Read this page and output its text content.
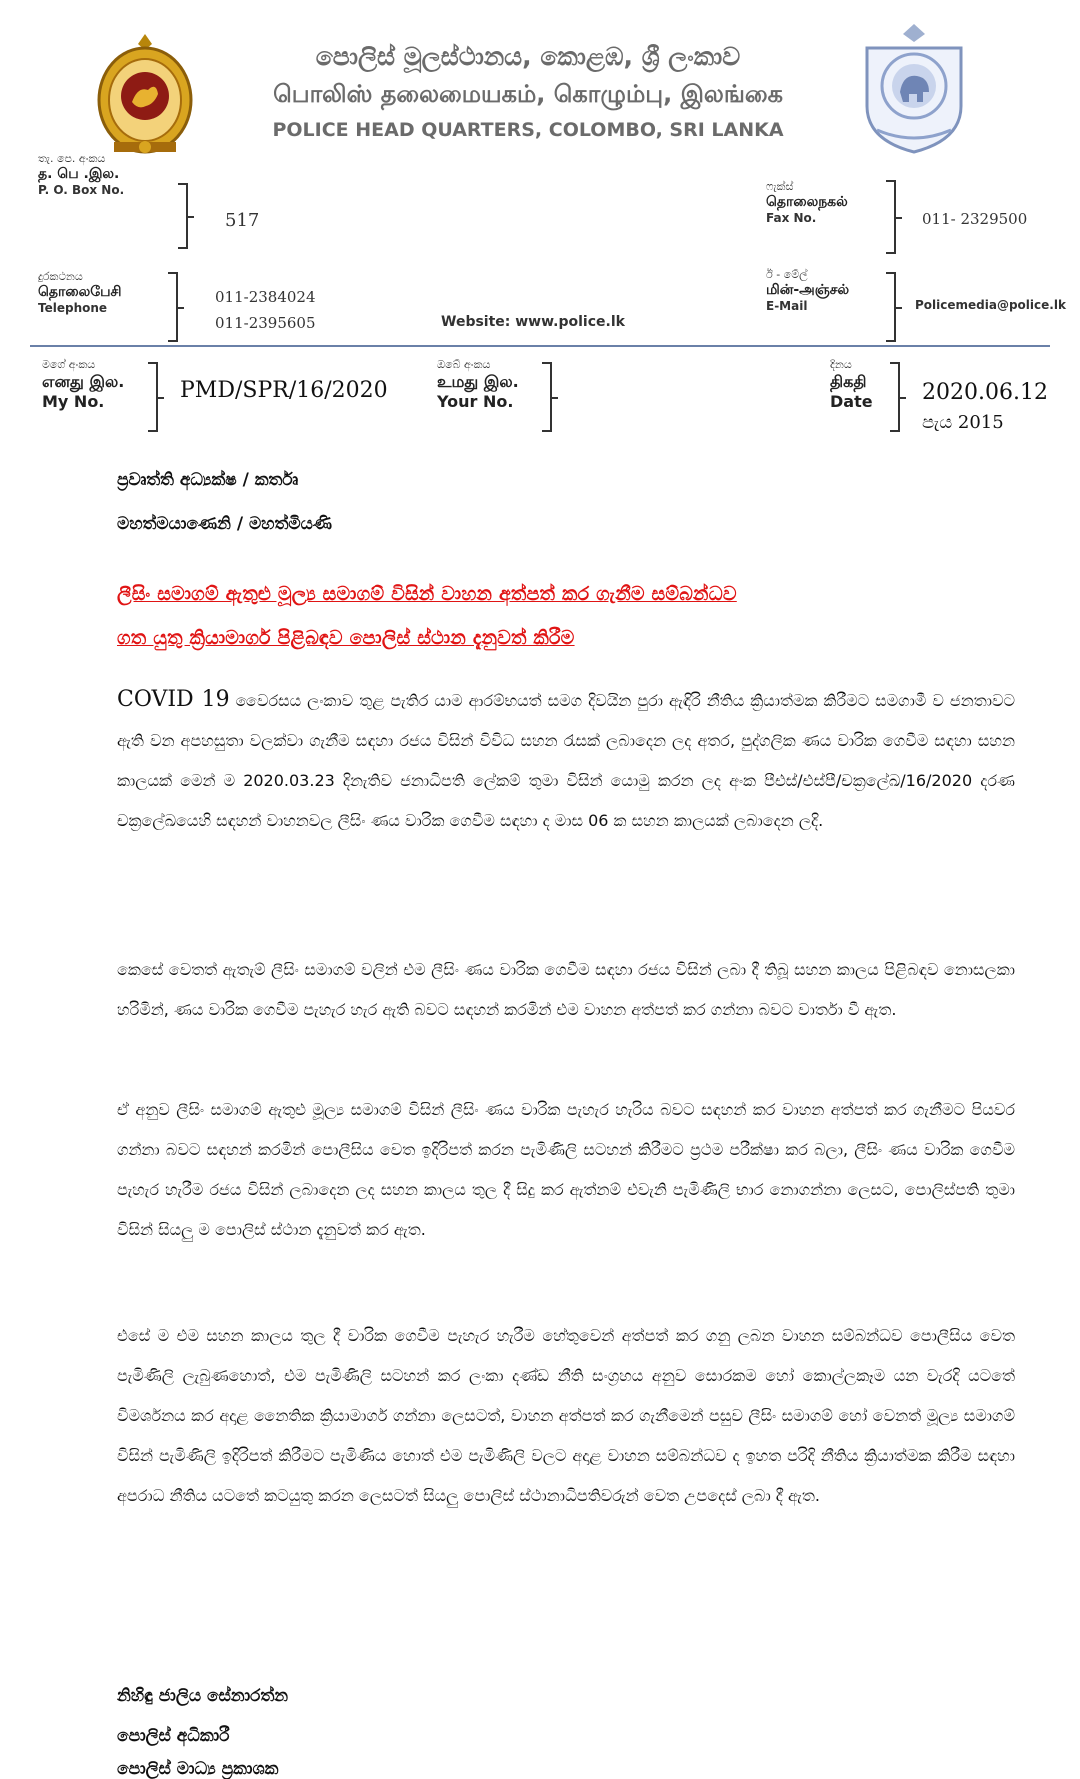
පොලිස් මූලස්ථානය, කොළඹ, ශ්‍රී ලංකාව
பொலிஸ் தலைமையகம், கொழும்பு, இலங்கை
POLICE HEAD QUARTERS, COLOMBO, SRI LANKA
තැ. පෙ. අංකය
த. பெ .இல.
P. O. Box No.
517
ෆැක්ස්
தொலைநகல்
Fax No.	011- 2329500
දුරකථනය
தொலைபேசி
Telephone
011-2384024
011-2395605	Website: www.police.lk
ඊ - මේල්
மின்-அஞ்சல்
E-Mail	Policemedia@police.lk
මගේ අංකය
எனது இல.
My No.	PMD/SPR/16/2020
ඔබේ අංකය
உமது இல.
Your No.
දිනය
திகதி
Date 2020.06.12
පැය 2015
ප්‍රවෘත්ති අධ්‍යක්ෂ / කර්තෘ
මහත්මයාණෙනි / මහත්මියණි
ලීසිං සමාගම් ඇතුළු මූල්‍ය සමාගම් විසින් වාහන අත්පත් කර ගැනීම සම්බන්ධව
ගත යුතු ක්‍රියාමාර්ග පිළිබඳව පොලිස් ස්ථාන දැනුවත් කිරීම
COVID 19 වෛරසය ලංකාව තුළ පැතිර යාම ආරම්භයත් සමග දිවයින පුරා ඇඳිරි නීතිය ක්‍රියාත්මක කිරීමට සමගාමී ව ජනතාවට ඇති වන අපහසුතා වලක්වා ගැනීම සඳහා රජය විසින් විවිධ සහන රැසක් ලබාදෙන ලද අතර, පුද්ගලික ණය වාරික ගෙවීම සඳහා සහන කාලයක් මෙන් ම 2020.03.23 දිනැතිව ජනාධිපති ලේකම් තුමා විසින් යොමු කරන ලද අංක පීඑස්/එස්පී/චක්‍රලේඛ/16/2020 දරණ චක්‍රලේඛයෙහි සඳහන් වාහනවල ලීසිං ණය වාරික ගෙවීම සඳහා ද මාස 06 ක සහන කාලයක් ලබාදෙන ලදි.
කෙසේ වෙතත් ඇතැම් ලීසිං සමාගම් වලින් එම ලීසිං ණය වාරික ගෙවීම සඳහා රජය විසින් ලබා දී තිබූ සහන කාලය පිළිබඳව නොසලකා හරිමින්, ණය වාරික ගෙවීම පැහැර හැර ඇති බවට සඳහන් කරමින් එම වාහන අත්පත් කර ගන්නා බවට වාර්තා වී ඇත.
ඒ අනුව ලීසිං සමාගම් ඇතුළු මූල්‍ය සමාගම් විසින් ලීසිං ණය වාරික පැහැර හැරිය බවට සඳහන් කර වාහන අත්පත් කර ගැනීමට පියවර ගන්නා බවට සඳහන් කරමින් පොලීසිය වෙත ඉදිරිපත් කරන පැමිණිලි සටහන් කිරීමට ප්‍රථම පරීක්ෂා කර බලා, ලීසිං ණය වාරික ගෙවීම පැහැර හැරීම රජය විසින් ලබාදෙන ලද සහන කාලය තුල දී සිදු කර ඇත්නම් එවැනි පැමිණිලි භාර නොගන්නා ලෙසට, පොලිස්පති තුමා විසින් සියලු ම පොලිස් ස්ථාන දැනුවත් කර ඇත.
එසේ ම එම සහන කාලය තුල දී වාරික ගෙවීම පැහැර හැරීම හේතුවෙන් අත්පත් කර ගනු ලබන වාහන සම්බන්ධව පොලීසිය වෙත පැමිණිලි ලැබුණහොත්, එම පැමිණිලි සටහන් කර ලංකා දණ්ඩ නීති සංග්‍රහය අනුව සොරකම හෝ කොල්ලකෑම යන වැරදි යටතේ විමර්ශනය කර අදාළ නෛතික ක්‍රියාමාර්ග ගන්නා ලෙසටත්, වාහන අත්පත් කර ගැනීමෙන් පසුව ලීසිං සමාගම් හෝ වෙනත් මූල්‍ය සමාගම් විසින් පැමිණිලි ඉදිරිපත් කිරීමට පැමිණිය හොත් එම පැමිණිලි වලට අදාළ වාහන සම්බන්ධව ද ඉහත පරිදි නීතිය ක්‍රියාත්මක කිරීම සඳහා අපරාධ නීතිය යටතේ කටයුතු කරන ලෙසටත් සියලු පොලිස් ස්ථානාධිපතිවරුන් වෙත උපදෙස් ලබා දී ඇත.
නිහිඳු ජාලිය සේනාරත්න
පොලිස් අධිකාරී
පොලිස් මාධ්‍ය ප්‍රකාශක
